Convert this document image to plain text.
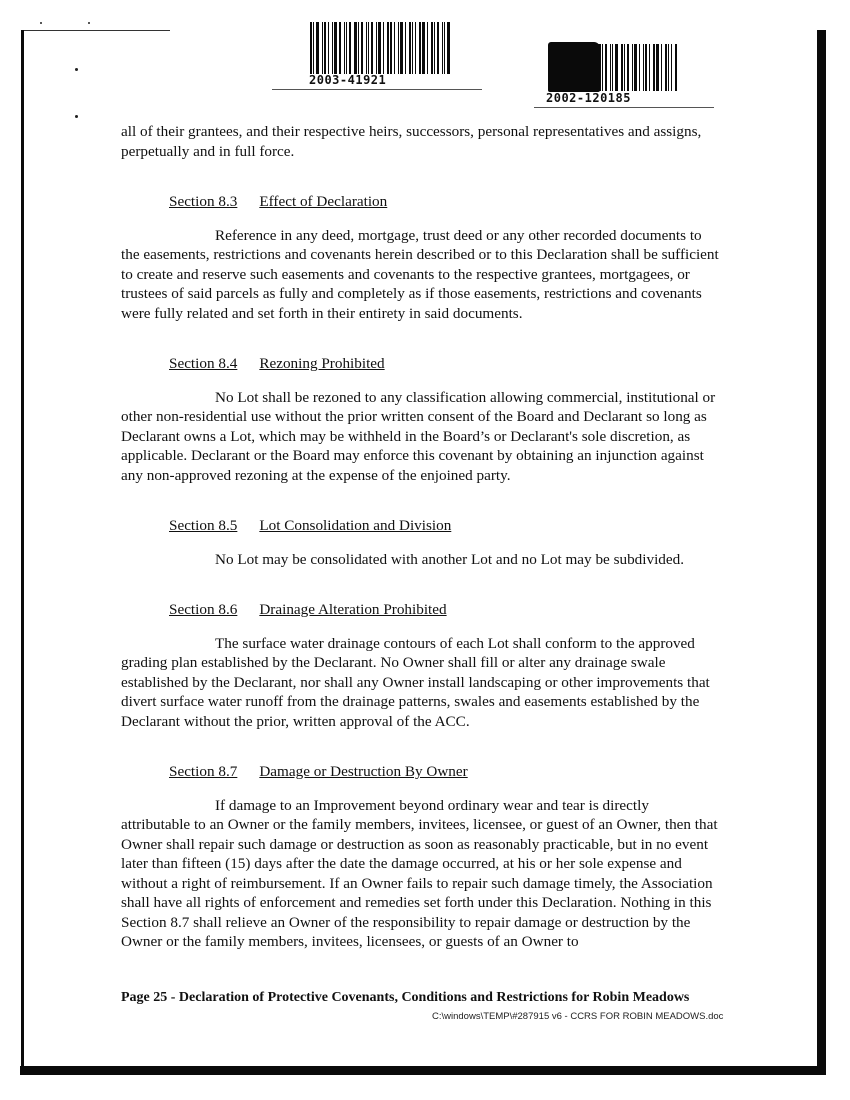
2003-41921
2002-120185

all of their grantees, and their respective heirs, successors, personal representatives and assigns, perpetually and in full force.

Section 8.3 Effect of Declaration

Reference in any deed, mortgage, trust deed or any other recorded documents to the easements, restrictions and covenants herein described or to this Declaration shall be sufficient to create and reserve such easements and covenants to the respective grantees, mortgagees, or trustees of said parcels as fully and completely as if those easements, restrictions and covenants were fully related and set forth in their entirety in said documents.

Section 8.4 Rezoning Prohibited

No Lot shall be rezoned to any classification allowing commercial, institutional or other non-residential use without the prior written consent of the Board and Declarant so long as Declarant owns a Lot, which may be withheld in the Board’s or Declarant's sole discretion, as applicable. Declarant or the Board may enforce this covenant by obtaining an injunction against any non-approved rezoning at the expense of the enjoined party.

Section 8.5 Lot Consolidation and Division

No Lot may be consolidated with another Lot and no Lot may be subdivided.

Section 8.6 Drainage Alteration Prohibited

The surface water drainage contours of each Lot shall conform to the approved grading plan established by the Declarant. No Owner shall fill or alter any drainage swale established by the Declarant, nor shall any Owner install landscaping or other improvements that divert surface water runoff from the drainage patterns, swales and easements established by the Declarant without the prior, written approval of the ACC.

Section 8.7 Damage or Destruction By Owner

If damage to an Improvement beyond ordinary wear and tear is directly attributable to an Owner or the family members, invitees, licensee, or guest of an Owner, then that Owner shall repair such damage or destruction as soon as reasonably practicable, but in no event later than fifteen (15) days after the date the damage occurred, at his or her sole expense and without a right of reimbursement. If an Owner fails to repair such damage timely, the Association shall have all rights of enforcement and remedies set forth under this Declaration. Nothing in this Section 8.7 shall relieve an Owner of the responsibility to repair damage or destruction by the Owner or the family members, invitees, licensees, or guests of an Owner to

Page 25 - Declaration of Protective Covenants, Conditions and Restrictions for Robin Meadows
C:\windows\TEMP\#287915 v6 - CCRS FOR ROBIN MEADOWS.doc
